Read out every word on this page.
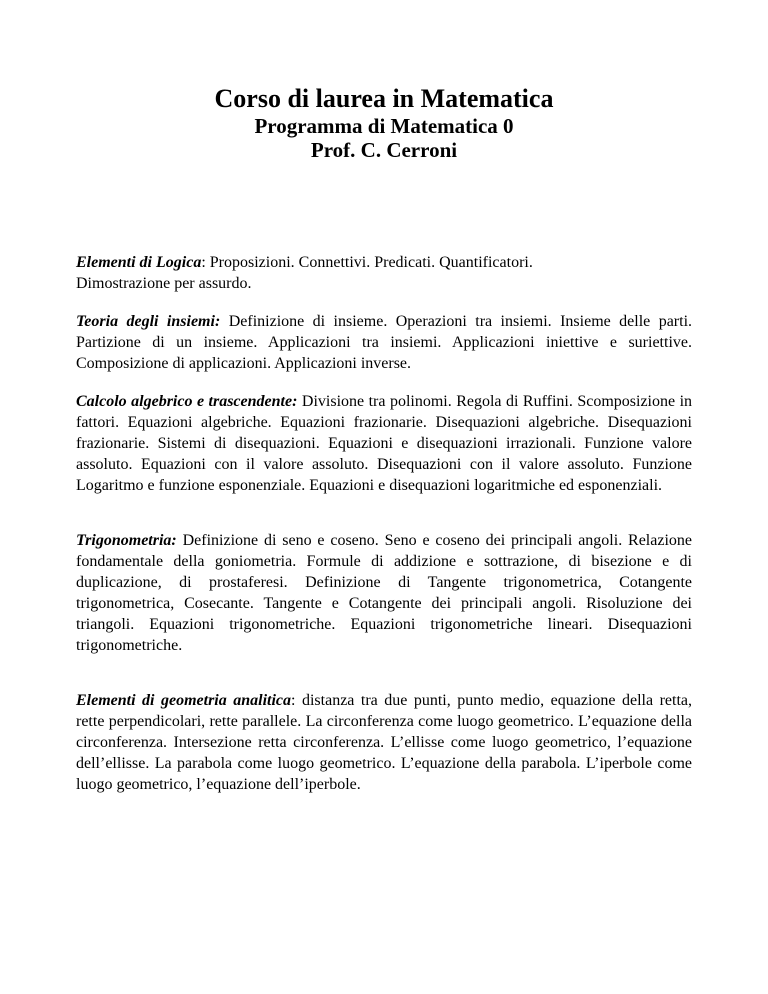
Corso di laurea in Matematica

Programma di Matematica 0

Prof. C. Cerroni

Elementi di Logica: Proposizioni. Connettivi. Predicati. Quantificatori.
Dimostrazione per assurdo.

Teoria degli insiemi: Definizione di insieme. Operazioni tra insiemi. Insieme delle parti. Partizione di un insieme. Applicazioni tra insiemi. Applicazioni iniettive e suriettive. Composizione di applicazioni. Applicazioni inverse.

Calcolo algebrico e trascendente: Divisione tra polinomi. Regola di Ruffini. Scomposizione in fattori. Equazioni algebriche. Equazioni frazionarie. Disequazioni algebriche. Disequazioni frazionarie. Sistemi di disequazioni. Equazioni e disequazioni irrazionali. Funzione valore assoluto. Equazioni con il valore assoluto. Disequazioni con il valore assoluto. Funzione Logaritmo e funzione esponenziale. Equazioni e disequazioni logaritmiche ed esponenziali.

Trigonometria: Definizione di seno e coseno. Seno e coseno dei principali angoli. Relazione fondamentale della goniometria. Formule di addizione e sottrazione, di bisezione e di duplicazione, di prostaferesi. Definizione di Tangente trigonometrica, Cotangente trigonometrica, Cosecante. Tangente e Cotangente dei principali angoli. Risoluzione dei triangoli. Equazioni trigonometriche. Equazioni trigonometriche lineari. Disequazioni trigonometriche.

Elementi di geometria analitica: distanza tra due punti, punto medio, equazione della retta, rette perpendicolari, rette parallele. La circonferenza come luogo geometrico. L’equazione della circonferenza. Intersezione retta circonferenza. L’ellisse come luogo geometrico, l’equazione dell’ellisse. La parabola come luogo geometrico. L’equazione della parabola. L’iperbole come luogo geometrico, l’equazione dell’iperbole.
